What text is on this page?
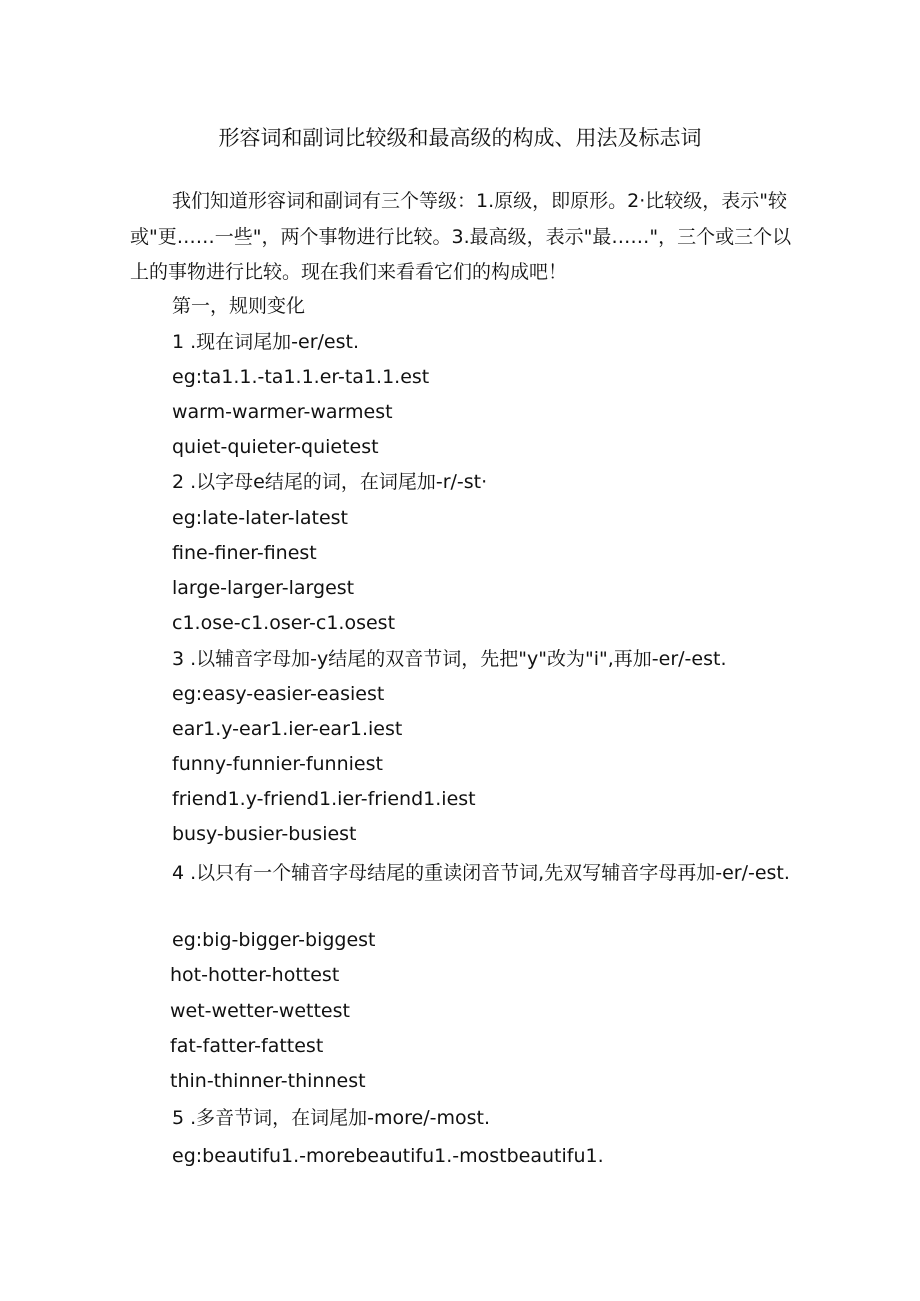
形容词和副词比较级和最高级的构成、用法及标志词
我们知道形容词和副词有三个等级：1.原级，即原形。2·比较级，表示"较或"更……一些"，两个事物进行比较。3.最高级，表示"最……"，三个或三个以上的事物进行比较。现在我们来看看它们的构成吧！
第一，规则变化
1 .现在词尾加-er∕est.
eg:ta1.1.-ta1.1.er-ta1.1.est
warm-warmer-warmest
quiet-quieter-quietest
2 .以字母e结尾的词，在词尾加-r∕-st·
eg:late-later-latest
fine-finer-finest
large-larger-largest
c1.ose-c1.oser-c1.osest
3 .以辅音字母加-y结尾的双音节词，先把"y"改为"i",再加-er∕-est.
eg:easy-easier-easiest
ear1.y-ear1.ier-ear1.iest
funny-funnier-funniest
friend1.y-friend1.ier-friend1.iest
busy-busier-busiest
4 .以只有一个辅音字母结尾的重读闭音节词,先双写辅音字母再加-er∕-est.
eg:big-bigger-biggest
hot-hotter-hottest
wet-wetter-wettest
fat-fatter-fattest
thin-thinner-thinnest
5 .多音节词，在词尾加-more∕-most.
eg:beautifu1.-morebeautifu1.-mostbeautifu1.
